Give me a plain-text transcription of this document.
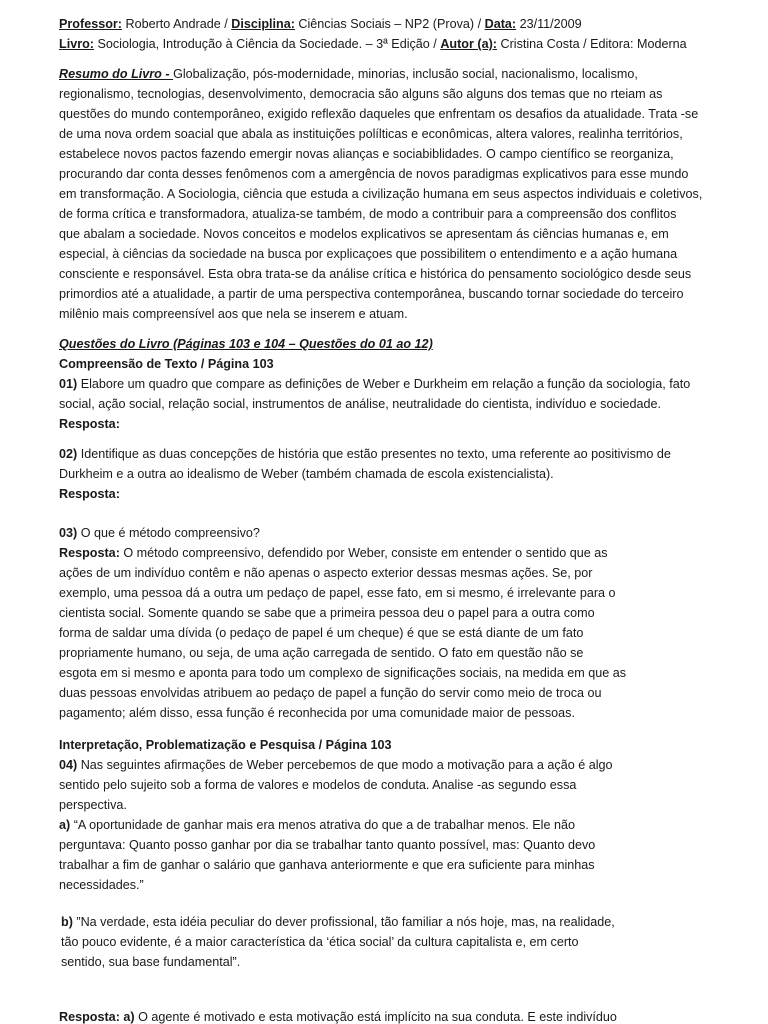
Professor: Roberto Andrade / Disciplina: Ciências Sociais – NP2 (Prova) / Data: 23/11/2009

Livro: Sociologia, Introdução à Ciência da Sociedade. – 3ª Edição / Autor (a): Cristina Costa / Editora: Moderna

Resumo do Livro - Globalização, pós-modernidade, minorias, inclusão social, nacionalismo, localismo,

regionalismo, tecnologias, desenvolvimento, democracia são alguns são alguns dos temas que no rteiam as

questões do mundo contemporâneo, exigido reflexão daqueles que enfrentam os desafios da atualidade. Trata -se

de uma nova ordem soacial que abala as instituições polílticas e econômicas, altera valores, realinha territórios,

estabelece novos pactos fazendo emergir novas alianças e sociabiblidades. O campo científico se reorganiza,

procurando dar conta desses fenômenos com a amergência de novos paradigmas explicativos para esse mundo

em transformação. A Sociologia, ciência que estuda a civilização humana em seus aspectos individuais e coletivos,

de forma crítica e transformadora, atualiza-se também, de modo a contribuir para a compreensão dos conflitos

que abalam a sociedade. Novos conceitos e modelos explicativos se apresentam ás ciências humanas e, em

especial, à ciências da sociedade na busca por explicaçoes que possibilitem o entendimento e a ação humana

consciente e responsável. Esta obra trata-se da análise crítica e histórica do pensamento sociológico desde seus

primordios até a atualidade, a partir de uma perspectiva contemporânea, buscando tornar sociedade do terceiro

milênio mais compreensível aos que nela se inserem e atuam.

Questões do Livro (Páginas 103 e 104 – Questões do 01 ao 12)

Compreensão de Texto / Página 103

01) Elabore um quadro que compare as definições de Weber e Durkheim em relação a função da sociologia, fato

social, ação social, relação social, instrumentos de análise, neutralidade do cientista, indivíduo e sociedade.

Resposta:

02) Identifique as duas concepções de história que estão presentes no texto, uma referente ao positivismo de

Durkheim e a outra ao idealismo de Weber (também chamada de escola existencialista).

Resposta:

03) O que é método compreensivo?

Resposta: O método compreensivo, defendido por Weber, consiste em entender o sentido que as

ações de um indivíduo contêm e não apenas o aspecto exterior dessas mesmas ações. Se, por

exemplo, uma pessoa dá a outra um pedaço de papel, esse fato, em si mesmo, é irrelevante para o

cientista social. Somente quando se sabe que a primeira pessoa deu o papel para a outra como

forma de saldar uma dívida (o pedaço de papel é um cheque) é que se está diante de um fato

propriamente humano, ou seja, de uma ação carregada de sentido. O fato em questão não se

esgota em si mesmo e aponta para todo um complexo de significações sociais, na medida em que as

duas pessoas envolvidas atribuem ao pedaço de papel a função do servir como meio de troca ou

pagamento; além disso, essa função é reconhecida por uma comunidade maior de pessoas.

Interpretação, Problematização e Pesquisa / Página 103

04) Nas seguintes afirmações de Weber percebemos de que modo a motivação para a ação é algo

sentido pelo sujeito sob a forma de valores e modelos de conduta. Analise -as segundo essa

perspectiva.

a) “A oportunidade de ganhar mais era menos atrativa do que a de trabalhar menos. Ele não

perguntava: Quanto posso ganhar por dia se trabalhar tanto quanto possível, mas: Quanto devo

trabalhar a fim de ganhar o salário que ganhava anteriormente e que era suficiente para minhas

necessidades.”

b) ”Na verdade, esta idéia peculiar do dever profissional, tão familiar a nós hoje, mas, na realidade,

tão pouco evidente, é a maior característica da ‘ética social’ da cultura capitalista e, em certo

sentido, sua base fundamental”.

Resposta: a) O agente é motivado e esta motivação está implícito na sua conduta. E este indivíduo
